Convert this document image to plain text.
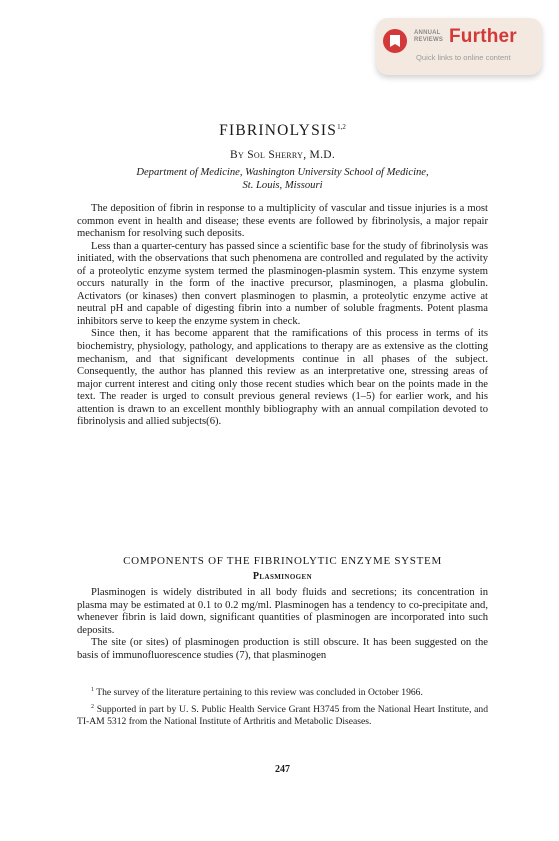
ANNUAL REVIEWS Further
Quick links to online content
FIBRINOLYSIS$^{1,2}$
By Sol Sherry, M.D.
Department of Medicine, Washington University School of Medicine,
St. Louis, Missouri

The deposition of fibrin in response to a multiplicity of vascular and tissue injuries is a most common event in health and disease; these events are followed by fibrinolysis, a major repair mechanism for resolving such deposits.

Less than a quarter-century has passed since a scientific base for the study of fibrinolysis was initiated, with the observations that such phenomena are controlled and regulated by the activity of a proteolytic enzyme system termed the plasminogen-plasmin system. This enzyme system occurs naturally in the form of the inactive precursor, plasminogen, a plasma globulin. Activators (or kinases) then convert plasminogen to plasmin, a proteolytic enzyme active at neutral pH and capable of digesting fibrin into a number of soluble fragments. Potent plasma inhibitors serve to keep the enzyme system in check.

Since then, it has become apparent that the ramifications of this process in terms of its biochemistry, physiology, pathology, and applications to therapy are as extensive as the clotting mechanism, and that significant developments continue in all phases of the subject. Consequently, the author has planned this review as an interpretative one, stressing areas of major current interest and citing only those recent studies which bear on the points made in the text. The reader is urged to consult previous general reviews (1–5) for earlier work, and his attention is drawn to an excellent monthly bibliography with an annual compilation devoted to fibrinolysis and allied subjects(6).

COMPONENTS OF THE FIBRINOLYTIC ENZYME SYSTEM
Plasminogen

Plasminogen is widely distributed in all body fluids and secretions; its concentration in plasma may be estimated at 0.1 to 0.2 mg/ml. Plasminogen has a tendency to co-precipitate and, whenever fibrin is laid down, significant quantities of plasminogen are incorporated into such deposits.

The site (or sites) of plasminogen production is still obscure. It has been suggested on the basis of immunofluorescence studies (7), that plasminogen

$^1$ The survey of the literature pertaining to this review was concluded in October 1966.

$^2$ Supported in part by U. S. Public Health Service Grant H3745 from the National Heart Institute, and TI-AM 5312 from the National Institute of Arthritis and Metabolic Diseases.

247
